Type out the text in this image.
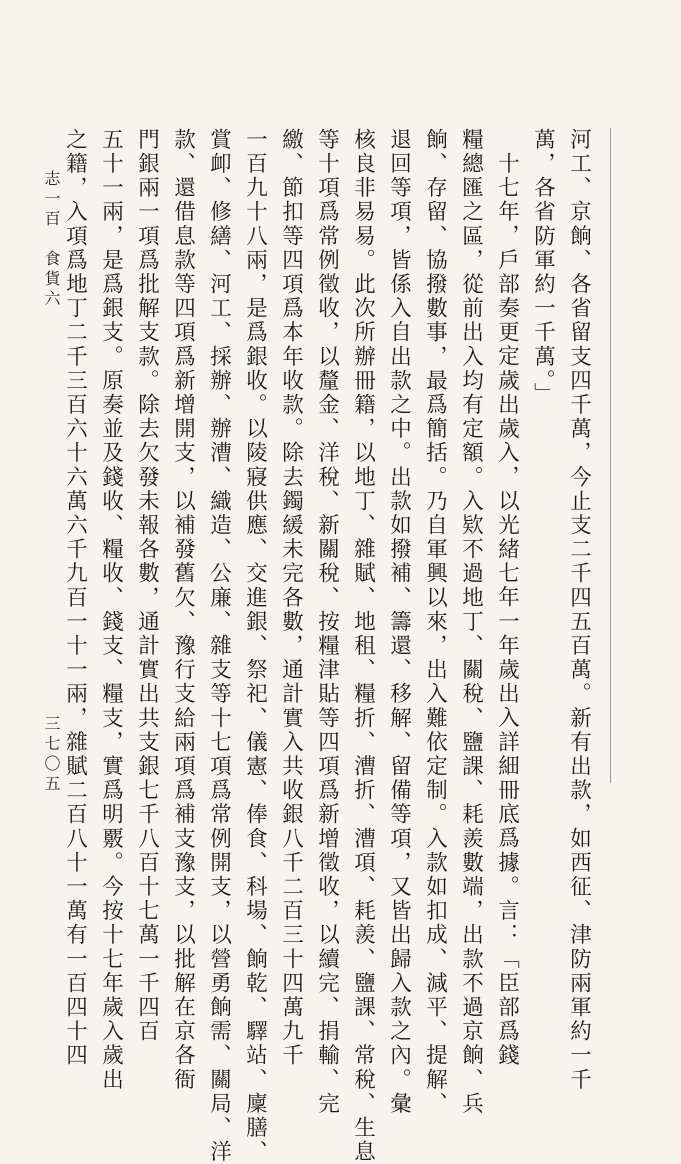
河工、京餉、各省留支四千萬，今止支二千四五百萬。新有出款，如西征、津防兩軍約一千
萬，各省防軍約一千萬。」
十七年，戶部奏更定歲出歲入，以光緒七年一年歲出入詳細冊底爲據。言：「臣部爲錢
糧總匯之區，從前出入均有定額。入欵不過地丁、關稅、鹽課、耗羨數端，出款不過京餉、兵
餉、存留、協撥數事，最爲簡括。乃自軍興以來，出入難依定制。入款如扣成、減平、提解、
退回等項，皆係入自出款之中。出款如撥補、籌還、移解、留備等項，又皆出歸入款之內。彙
核良非易易。此次所辦冊籍，以地丁、雜賦、地租、糧折、漕折、漕項、耗羨、鹽課、常稅、生息
等十項爲常例徵收，以釐金、洋稅、新關稅、按糧津貼等四項爲新增徵收，以續完、捐輸、完
繳、節扣等四項爲本年收款。除去鐲緩未完各數，通計實入共收銀八千二百三十四萬九千
一百九十八兩，是爲銀收。以陵寢供應、交進銀、祭祀、儀憲、俸食、科場、餉乾、驛站、廩膳、
賞卹、修繕、河工、採辦、辦漕、織造、公廉、雜支等十七項爲常例開支，以營勇餉需、關局、洋
款、還借息款等四項爲新增開支，以補發舊欠、豫行支給兩項爲補支豫支，以批解在京各衙
門銀兩一項爲批解支款。除去欠發未報各數，通計實出共支銀七千八百十七萬一千四百
五十一兩，是爲銀支。原奏並及錢收、糧收、錢支、糧支，實爲明覈。今按十七年歲入歲出
之籍，入項爲地丁二千三百六十六萬六千九百一十一兩，雜賦二百八十一萬有一百四十四
志一百
食貨六
三七〇五
